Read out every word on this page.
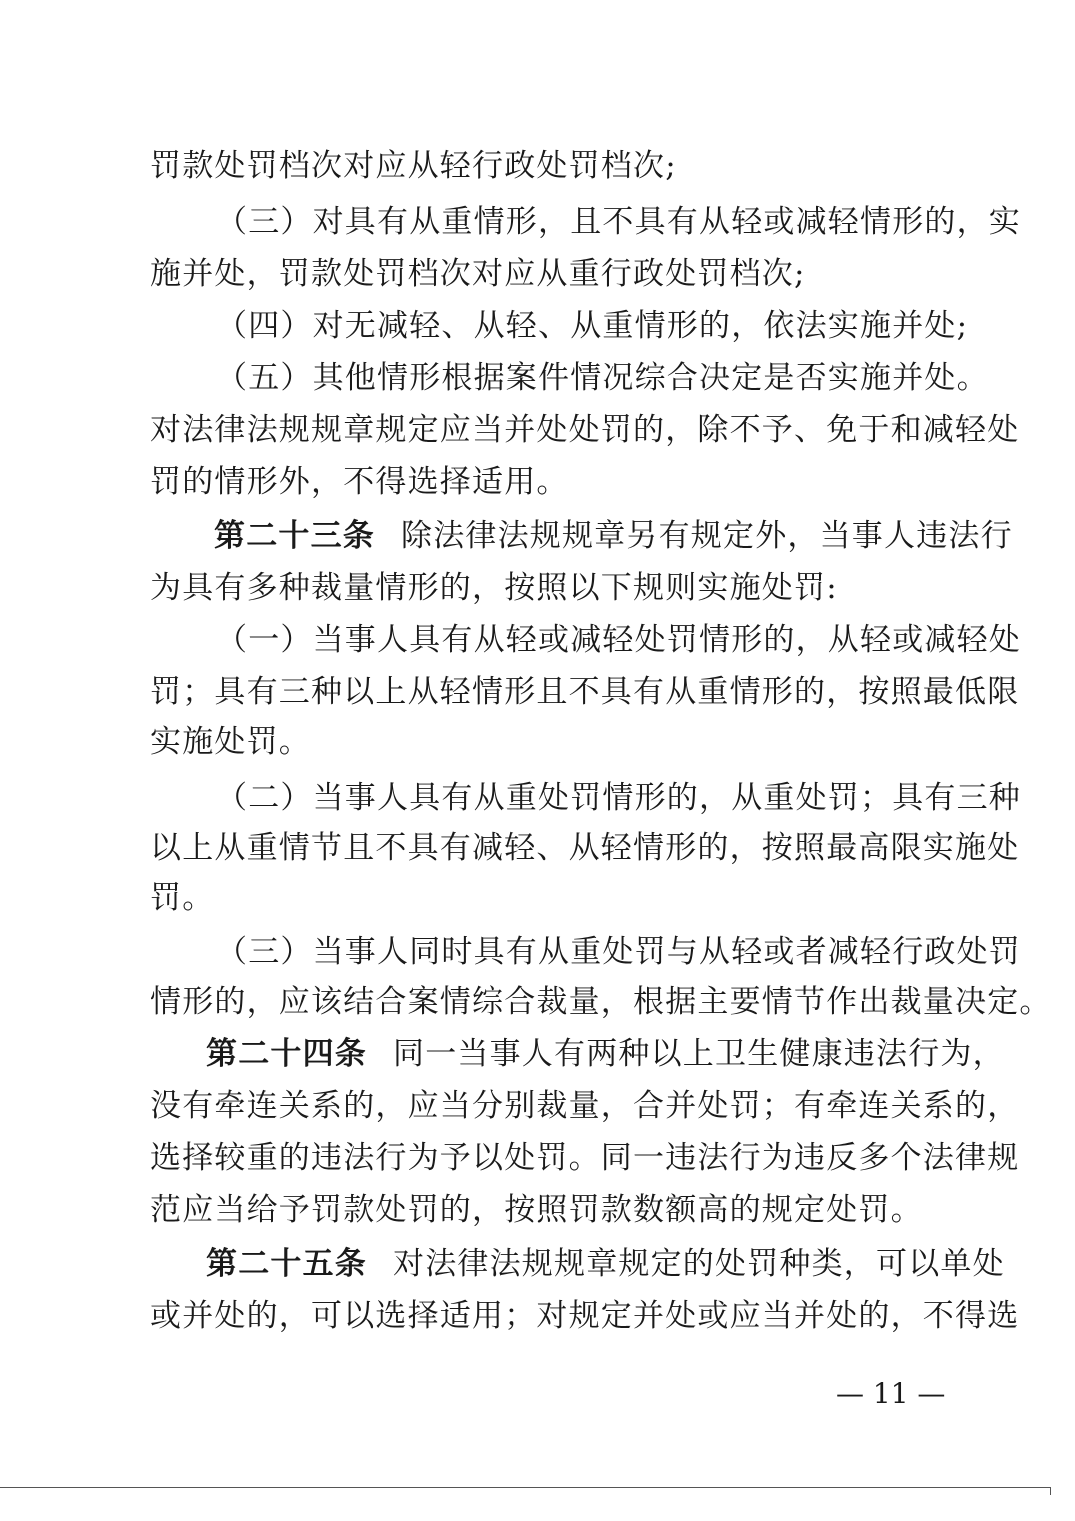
罚款处罚档次对应从轻行政处罚档次;
（三）对具有从重情形，且不具有从轻或减轻情形的，实
施并处，罚款处罚档次对应从重行政处罚档次;
（四）对无减轻、从轻、从重情形的，依法实施并处;
（五）其他情形根据案件情况综合决定是否实施并处。
对法律法规规章规定应当并处处罚的，除不予、免于和减轻处
罚的情形外，不得选择适用。
第二十三条 除法律法规规章另有规定外，当事人违法行
为具有多种裁量情形的，按照以下规则实施处罚:
（一）当事人具有从轻或减轻处罚情形的，从轻或减轻处
罚；具有三种以上从轻情形且不具有从重情形的，按照最低限
实施处罚。
（二）当事人具有从重处罚情形的，从重处罚；具有三种
以上从重情节且不具有减轻、从轻情形的，按照最高限实施处
罚。
（三）当事人同时具有从重处罚与从轻或者减轻行政处罚
情形的，应该结合案情综合裁量，根据主要情节作出裁量决定。
第二十四条 同一当事人有两种以上卫生健康违法行为，
没有牵连关系的，应当分别裁量，合并处罚；有牵连关系的，
选择较重的违法行为予以处罚。同一违法行为违反多个法律规
范应当给予罚款处罚的，按照罚款数额高的规定处罚。
第二十五条 对法律法规规章规定的处罚种类，可以单处
或并处的，可以选择适用；对规定并处或应当并处的，不得选
— 11 —
